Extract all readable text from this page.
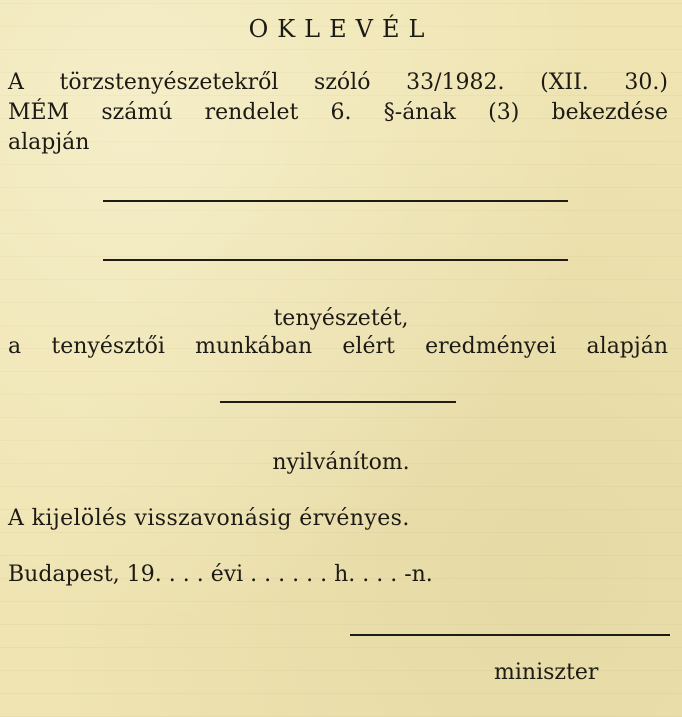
OKLEVÉL
A törzstenyészetekről szóló 33/1982. (XII. 30.)
MÉM számú rendelet 6. §-ának (3) bekezdése
alapján
tenyészetét,
a tenyésztői munkában elért eredményei alapján
nyilvánítom.
A kijelölés visszavonásig érvényes.
Budapest, 19. . . . évi . . . . . . h. . . . -n.
miniszter
